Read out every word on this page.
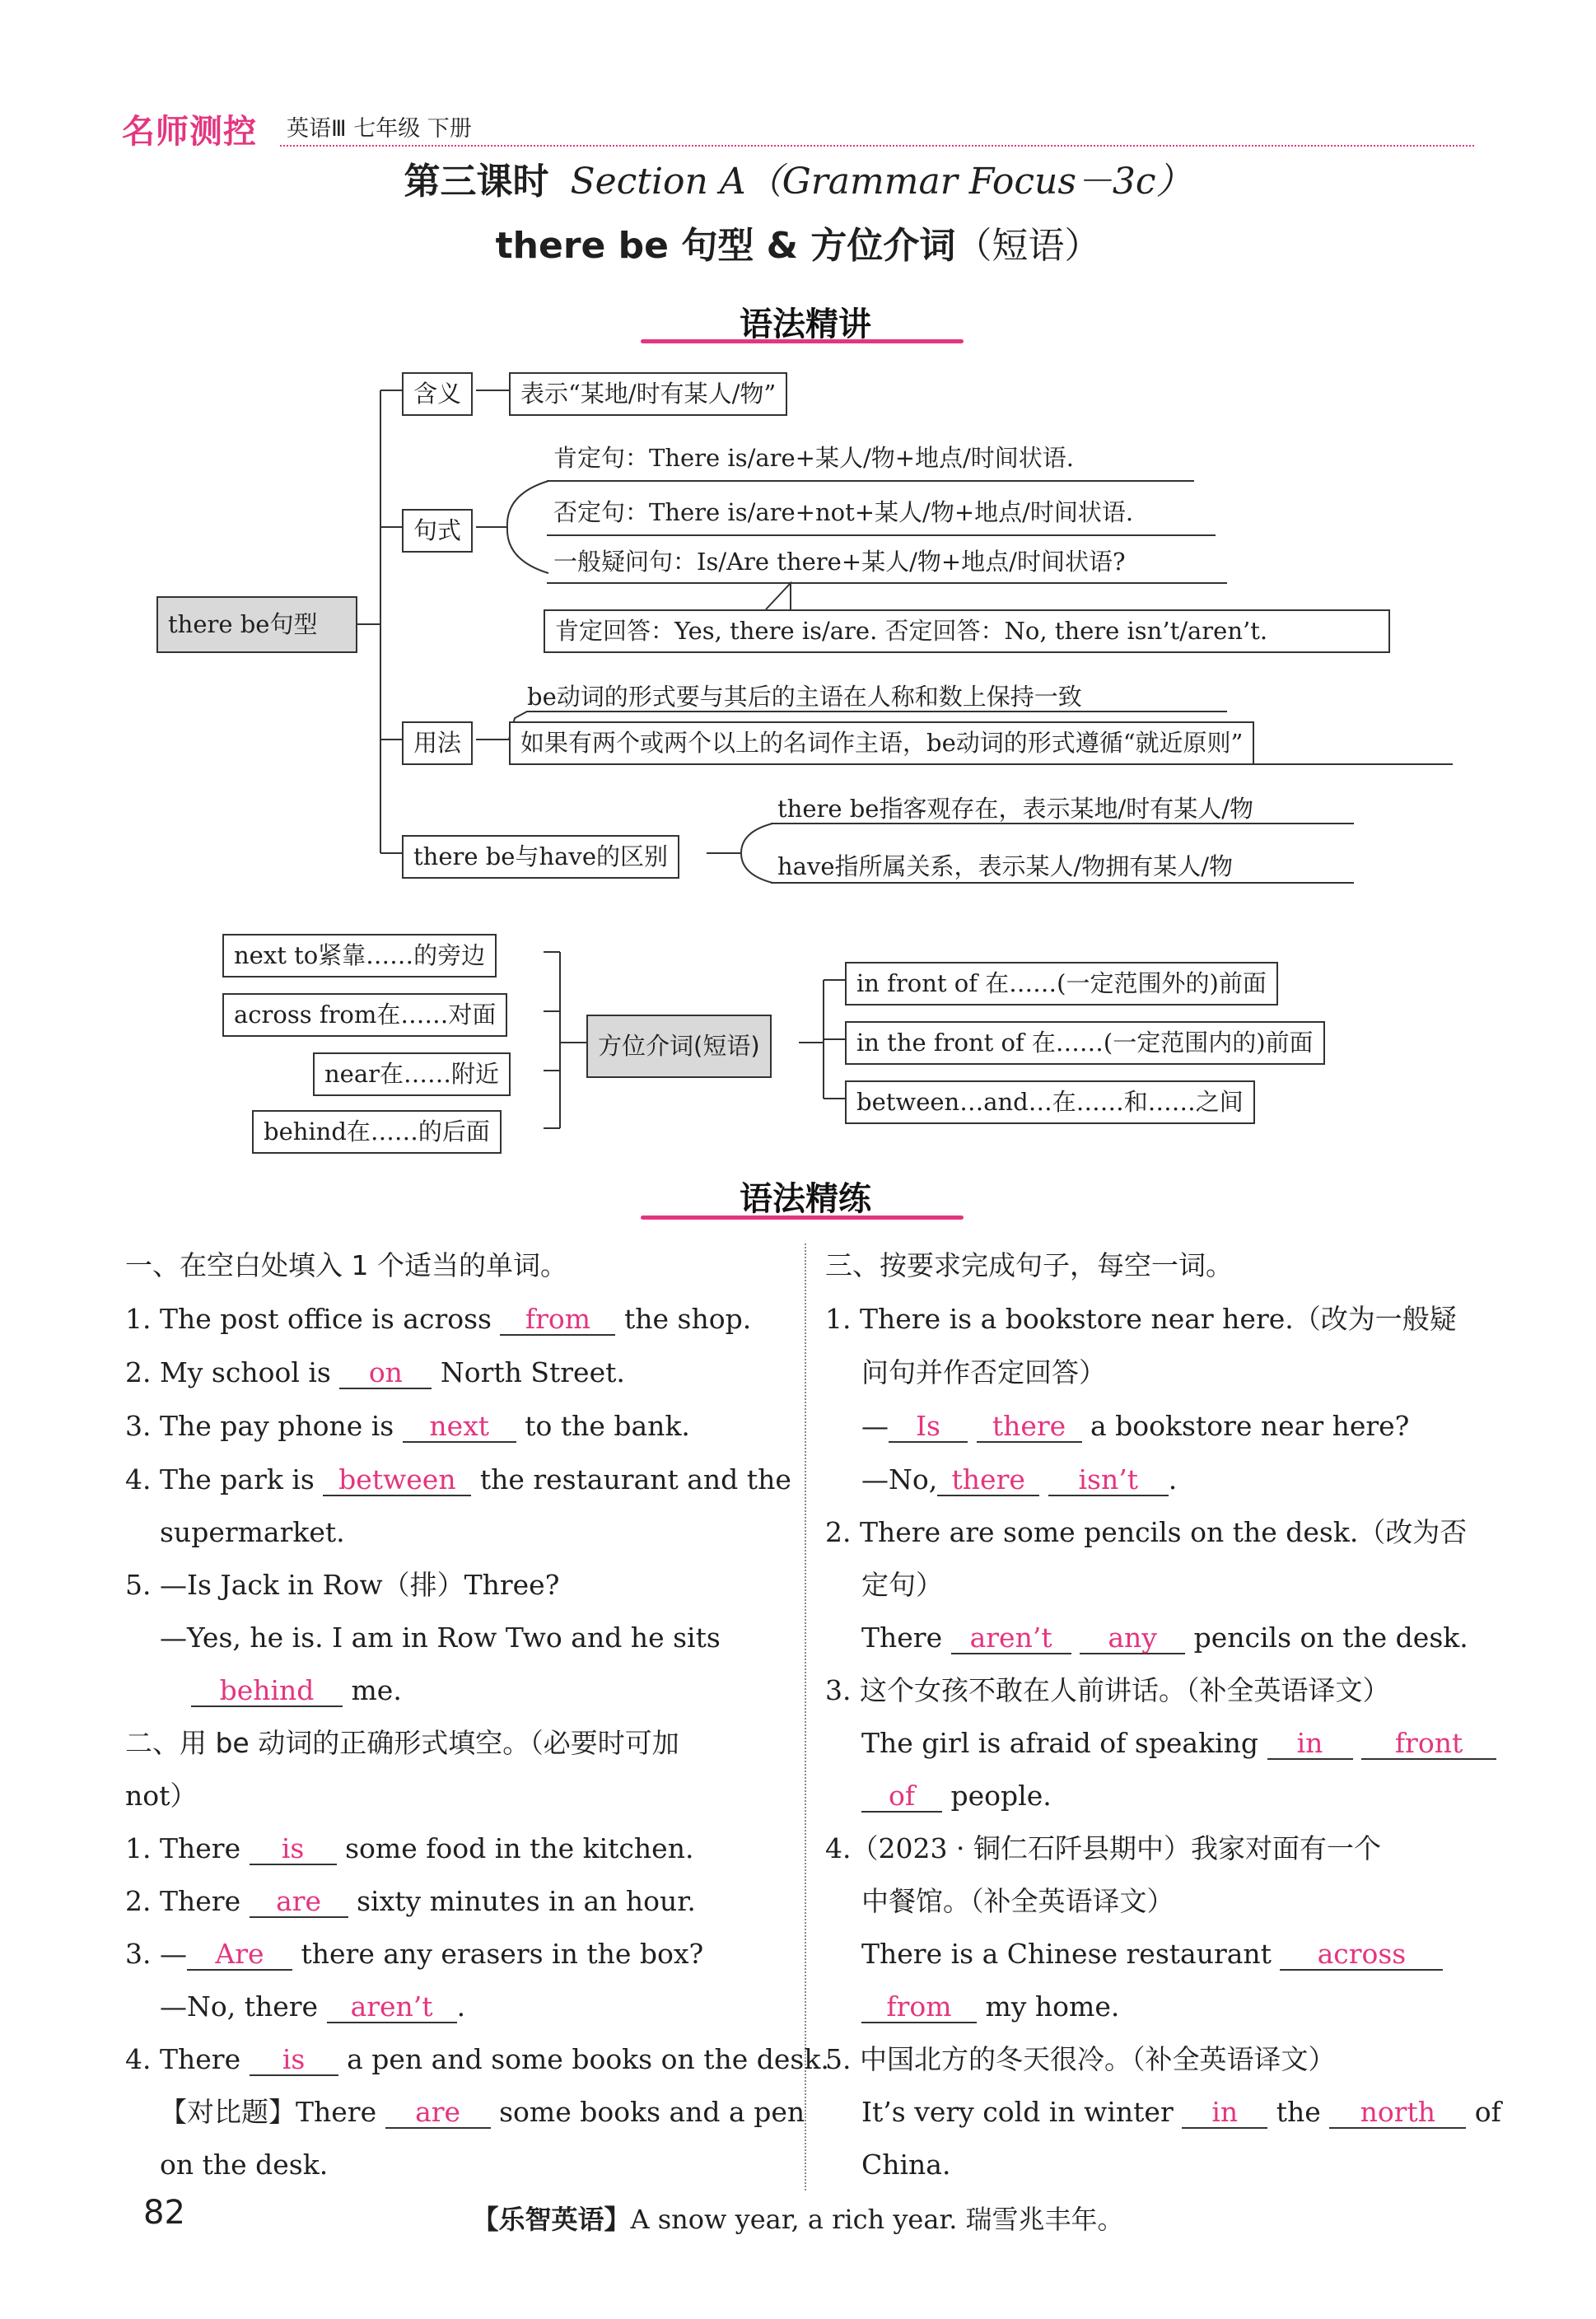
名师测控 英语Ⅲ 七年级 下册
第三课时 Section A（Grammar Focus－3c）
there be 句型 & 方位介词（短语）
语法精讲
there be句型
含义	表示“某地/时有某人/物”
句式
肯定句：There is/are+某人/物+地点/时间状语.
否定句：There is/are+not+某人/物+地点/时间状语.
一般疑问句：Is/Are there+某人/物+地点/时间状语?
肯定回答：Yes, there is/are. 否定回答：No, there isn’t/aren’t.
用法
be动词的形式要与其后的主语在人称和数上保持一致
如果有两个或两个以上的名词作主语，be动词的形式遵循“就近原则”
there be与have的区别
there be指客观存在，表示某地/时有某人/物
have指所属关系，表示某人/物拥有某人/物
next to紧靠……的旁边
across from在……对面
near在……附近
behind在……的后面
方位介词(短语)
in front of 在……(一定范围外的)前面
in the front of 在……(一定范围内的)前面
between…and…在……和……之间
语法精练
一、在空白处填入 1 个适当的单词。
1. The post office is across from the shop.
2. My school is on North Street.
3. The pay phone is next to the bank.
4. The park is between the restaurant and the
supermarket.
5. —Is Jack in Row（排）Three?
—Yes, he is. I am in Row Two and he sits
behind me.
二、用 be 动词的正确形式填空。（必要时可加
not）
1. There is some food in the kitchen.
2. There are sixty minutes in an hour.
3. — Are there any erasers in the box?
—No, there aren’t .
4. There is a pen and some books on the desk.
【对比题】There are some books and a pen
on the desk.
三、按要求完成句子，每空一词。
1. There is a bookstore near here.（改为一般疑
问句并作否定回答）
— Is there a bookstore near here?
—No, there isn’t .
2. There are some pencils on the desk.（改为否
定句）
There aren’t any pencils on the desk.
3. 这个女孩不敢在人前讲话。（补全英语译文）
The girl is afraid of speaking in	front
of people.
4.（2023 · 铜仁石阡县期中）我家对面有一个
中餐馆。（补全英语译文）
There is a Chinese restaurant across
from my home.
5. 中国北方的冬天很冷。（补全英语译文）
It’s very cold in winter in the north of
China.
82	【乐智英语】A snow year, a rich year. 瑞雪兆丰年。
